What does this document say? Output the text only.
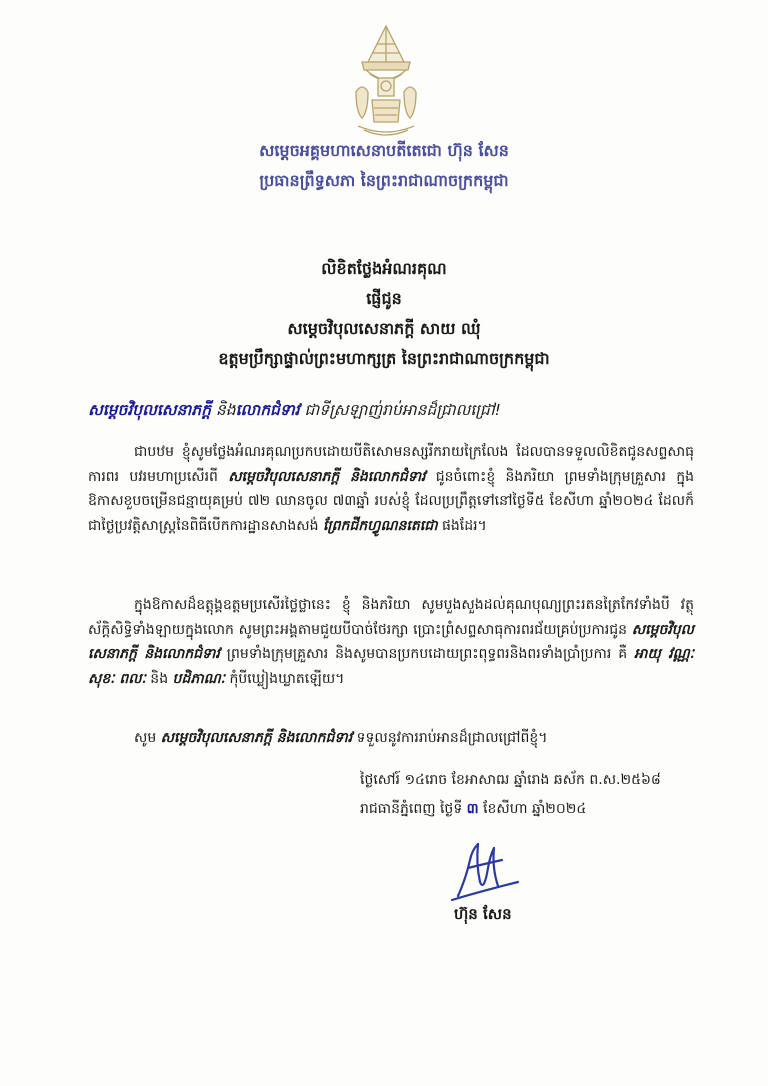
សម្តេចអគ្គមហាសេនាបតីតេជោ ហ៊ុន សែន
ប្រធានព្រឹទ្ធសភា នៃព្រះរាជាណាចក្រកម្ពុជា
លិខិតថ្លែងអំណរគុណ
ផ្ញើជូន
សម្តេចវិបុលសេនាភក្តី សាយ ឈុំ
ឧត្តមប្រឹក្សាផ្ទាល់ព្រះមហាក្សត្រ នៃព្រះរាជាណាចក្រកម្ពុជា
សម្តេចវិបុលសេនាភក្តី និងលោកជំទាវ ជាទីស្រឡាញ់រាប់អានដ៏ជ្រាលជ្រៅ!
ជាបឋម ខ្ញុំសូមថ្លែងអំណរគុណប្រកបដោយបីតិសោមនស្សរីករាយក្រៃលែង ដែលបានទទួលលិខិតជូនសព្ទសាធុការពរ បវរមហាប្រសើរពី សម្តេចវិបុលសេនាភក្តី និងលោកជំទាវ ជូនចំពោះខ្ញុំ និងភរិយា ព្រមទាំងក្រុមគ្រួសារ ក្នុងឱកាសខួបចម្រើនជន្មាយុគម្រប់ ៧២ ឈានចូល ៧៣ឆ្នាំ របស់ខ្ញុំ ដែលប្រព្រឹត្តទៅនៅថ្ងៃទី៥ ខែសីហា ឆ្នាំ២០២៤ ដែលក៏ជាថ្ងៃប្រវត្តិសាស្ត្រនៃពិធីបើកការដ្ឋានសាងសង់ ព្រែកជីកហ្វូណនតេជោ ផងដែរ។
ក្នុងឱកាសដ៏ឧត្តុង្គឧត្តមប្រសើរថ្លៃថ្លានេះ ខ្ញុំ និងភរិយា សូមបួងសួងដល់គុណបុណ្យព្រះរតនត្រៃកែវទាំងបី វត្ថុស័ក្តិសិទ្ធិទាំងឡាយក្នុងលោក សូមព្រះអង្គតាមជួយបីបាច់ថែរក្សា ប្រោះព្រំសព្ទសាធុការពរជ័យគ្រប់ប្រការជូន សម្តេចវិបុលសេនាភក្តី និងលោកជំទាវ ព្រមទាំងក្រុមគ្រួសារ និងសូមបានប្រកបដោយព្រះពុទ្ធពរនិងពរទាំងប្រាំប្រការ គឺ អាយុ វណ្ណៈ សុខៈ ពលៈ និង បដិភាណៈ កុំបីឃ្លៀងឃ្លាតឡើយ។
សូម សម្តេចវិបុលសេនាភក្តី និងលោកជំទាវ ទទួលនូវការរាប់អានដ៏ជ្រាលជ្រៅពីខ្ញុំ។
ថ្ងៃសៅរ៍ ១៤រោច ខែអាសាឍ ឆ្នាំរោង ឆស័ក ព.ស.២៥៦៨
រាជធានីភ្នំពេញ ថ្ងៃទី ៣ ខែសីហា ឆ្នាំ២០២៤
ហ៊ុន សែន
